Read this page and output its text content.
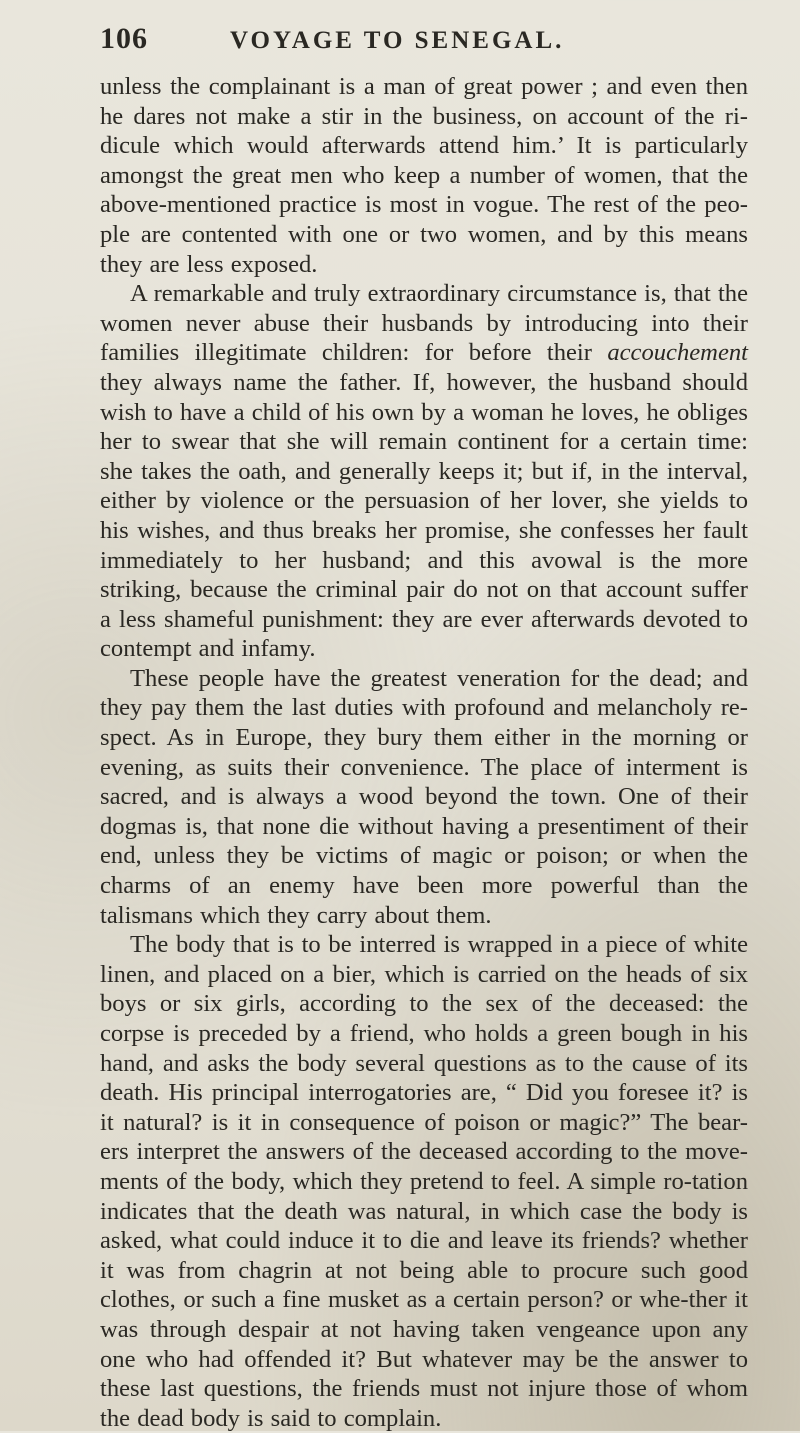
106	VOYAGE TO SENEGAL.

unless the complainant is a man of great power ; and even then he dares not make a stir in the business, on account of the ri-dicule which would afterwards attend him.’ It is particularly amongst the great men who keep a number of women, that the above-mentioned practice is most in vogue. The rest of the peo-ple are contented with one or two women, and by this means they are less exposed.

A remarkable and truly extraordinary circumstance is, that the women never abuse their husbands by introducing into their families illegitimate children: for before their accouchement they always name the father. If, however, the husband should wish to have a child of his own by a woman he loves, he obliges her to swear that she will remain continent for a certain time: she takes the oath, and generally keeps it; but if, in the interval, either by violence or the persuasion of her lover, she yields to his wishes, and thus breaks her promise, she confesses her fault immediately to her husband; and this avowal is the more striking, because the criminal pair do not on that account suffer a less shameful punishment: they are ever afterwards devoted to contempt and infamy.

These people have the greatest veneration for the dead; and they pay them the last duties with profound and melancholy re-spect. As in Europe, they bury them either in the morning or evening, as suits their convenience. The place of interment is sacred, and is always a wood beyond the town. One of their dogmas is, that none die without having a presentiment of their end, unless they be victims of magic or poison; or when the charms of an enemy have been more powerful than the talismans which they carry about them.

The body that is to be interred is wrapped in a piece of white linen, and placed on a bier, which is carried on the heads of six boys or six girls, according to the sex of the deceased: the corpse is preceded by a friend, who holds a green bough in his hand, and asks the body several questions as to the cause of its death. His principal interrogatories are, “ Did you foresee it? is it natural? is it in consequence of poison or magic?” The bear-ers interpret the answers of the deceased according to the move-ments of the body, which they pretend to feel. A simple ro-tation indicates that the death was natural, in which case the body is asked, what could induce it to die and leave its friends? whether it was from chagrin at not being able to procure such good clothes, or such a fine musket as a certain person? or whe-ther it was through despair at not having taken vengeance upon any one who had offended it? But whatever may be the answer to these last questions, the friends must not injure those of whom the dead body is said to complain.
